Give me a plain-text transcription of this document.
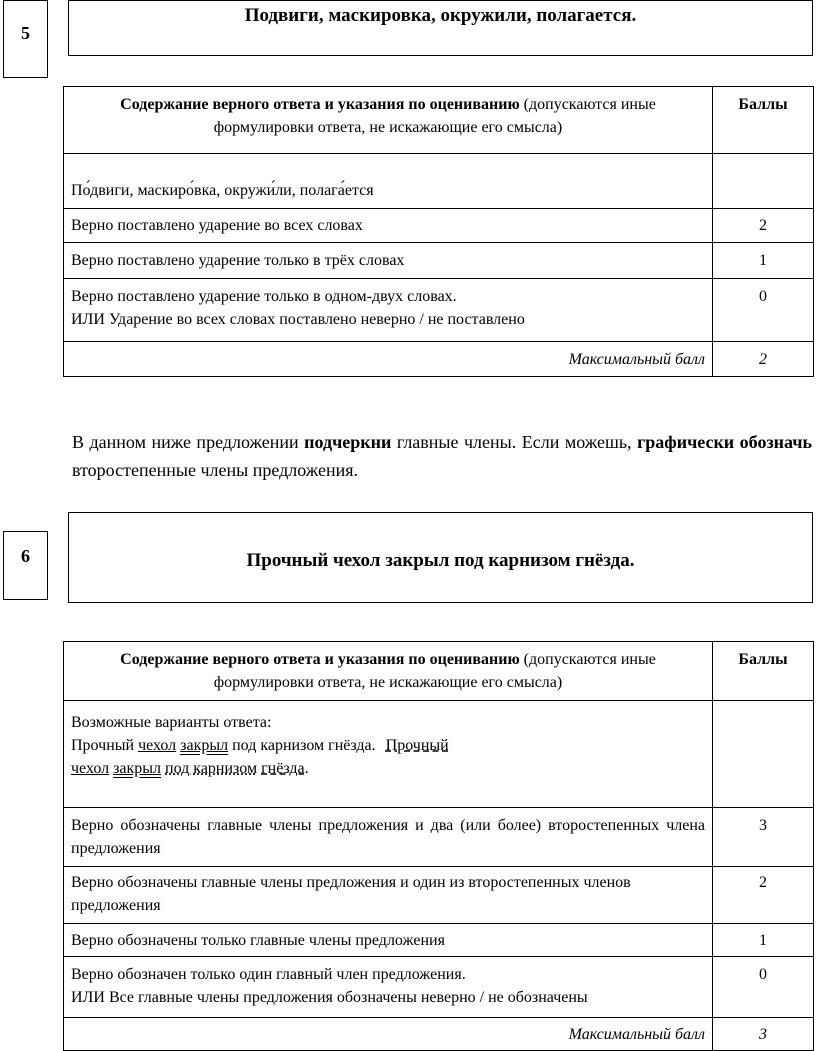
5
Подвиги, маскировка, окружили, полагается.
Содержание верного ответа и указания по оцениванию (допускаются иные формулировки ответа, не искажающие его смысла)	Баллы
По́двиги, маскиро́вка, окружи́ли, полага́ется	
Верно поставлено ударение во всех словах	2
Верно поставлено ударение только в трёх словах	1

Верно поставлено ударение только в одном-двух словах.
ИЛИ Ударение во всех словах поставлено неверно / не поставлено	0
Максимальный балл	2
В данном ниже предложении подчеркни главные члены. Если можешь, графически обозначь второстепенные члены предложения.
6	Прочный чехол закрыл под карнизом гнёзда.
Содержание верного ответа и указания по оцениванию (допускаются иные формулировки ответа, не искажающие его смысла)	Баллы

Возможные варианты ответа:
Прочный чехол закрыл под карнизом гнёзда. Прочный
чехол закрыл под карнизом гнёзда.	

Верно обозначены главные члены предложения и два (или более) второстепенных члена предложения	3
Верно обозначены главные члены предложения и один из второстепенных членов предложения	2
Верно обозначены только главные члены предложения	1

Верно обозначен только один главный член предложения.
ИЛИ Все главные члены предложения обозначены неверно / не обозначены	0
Максимальный балл	3
